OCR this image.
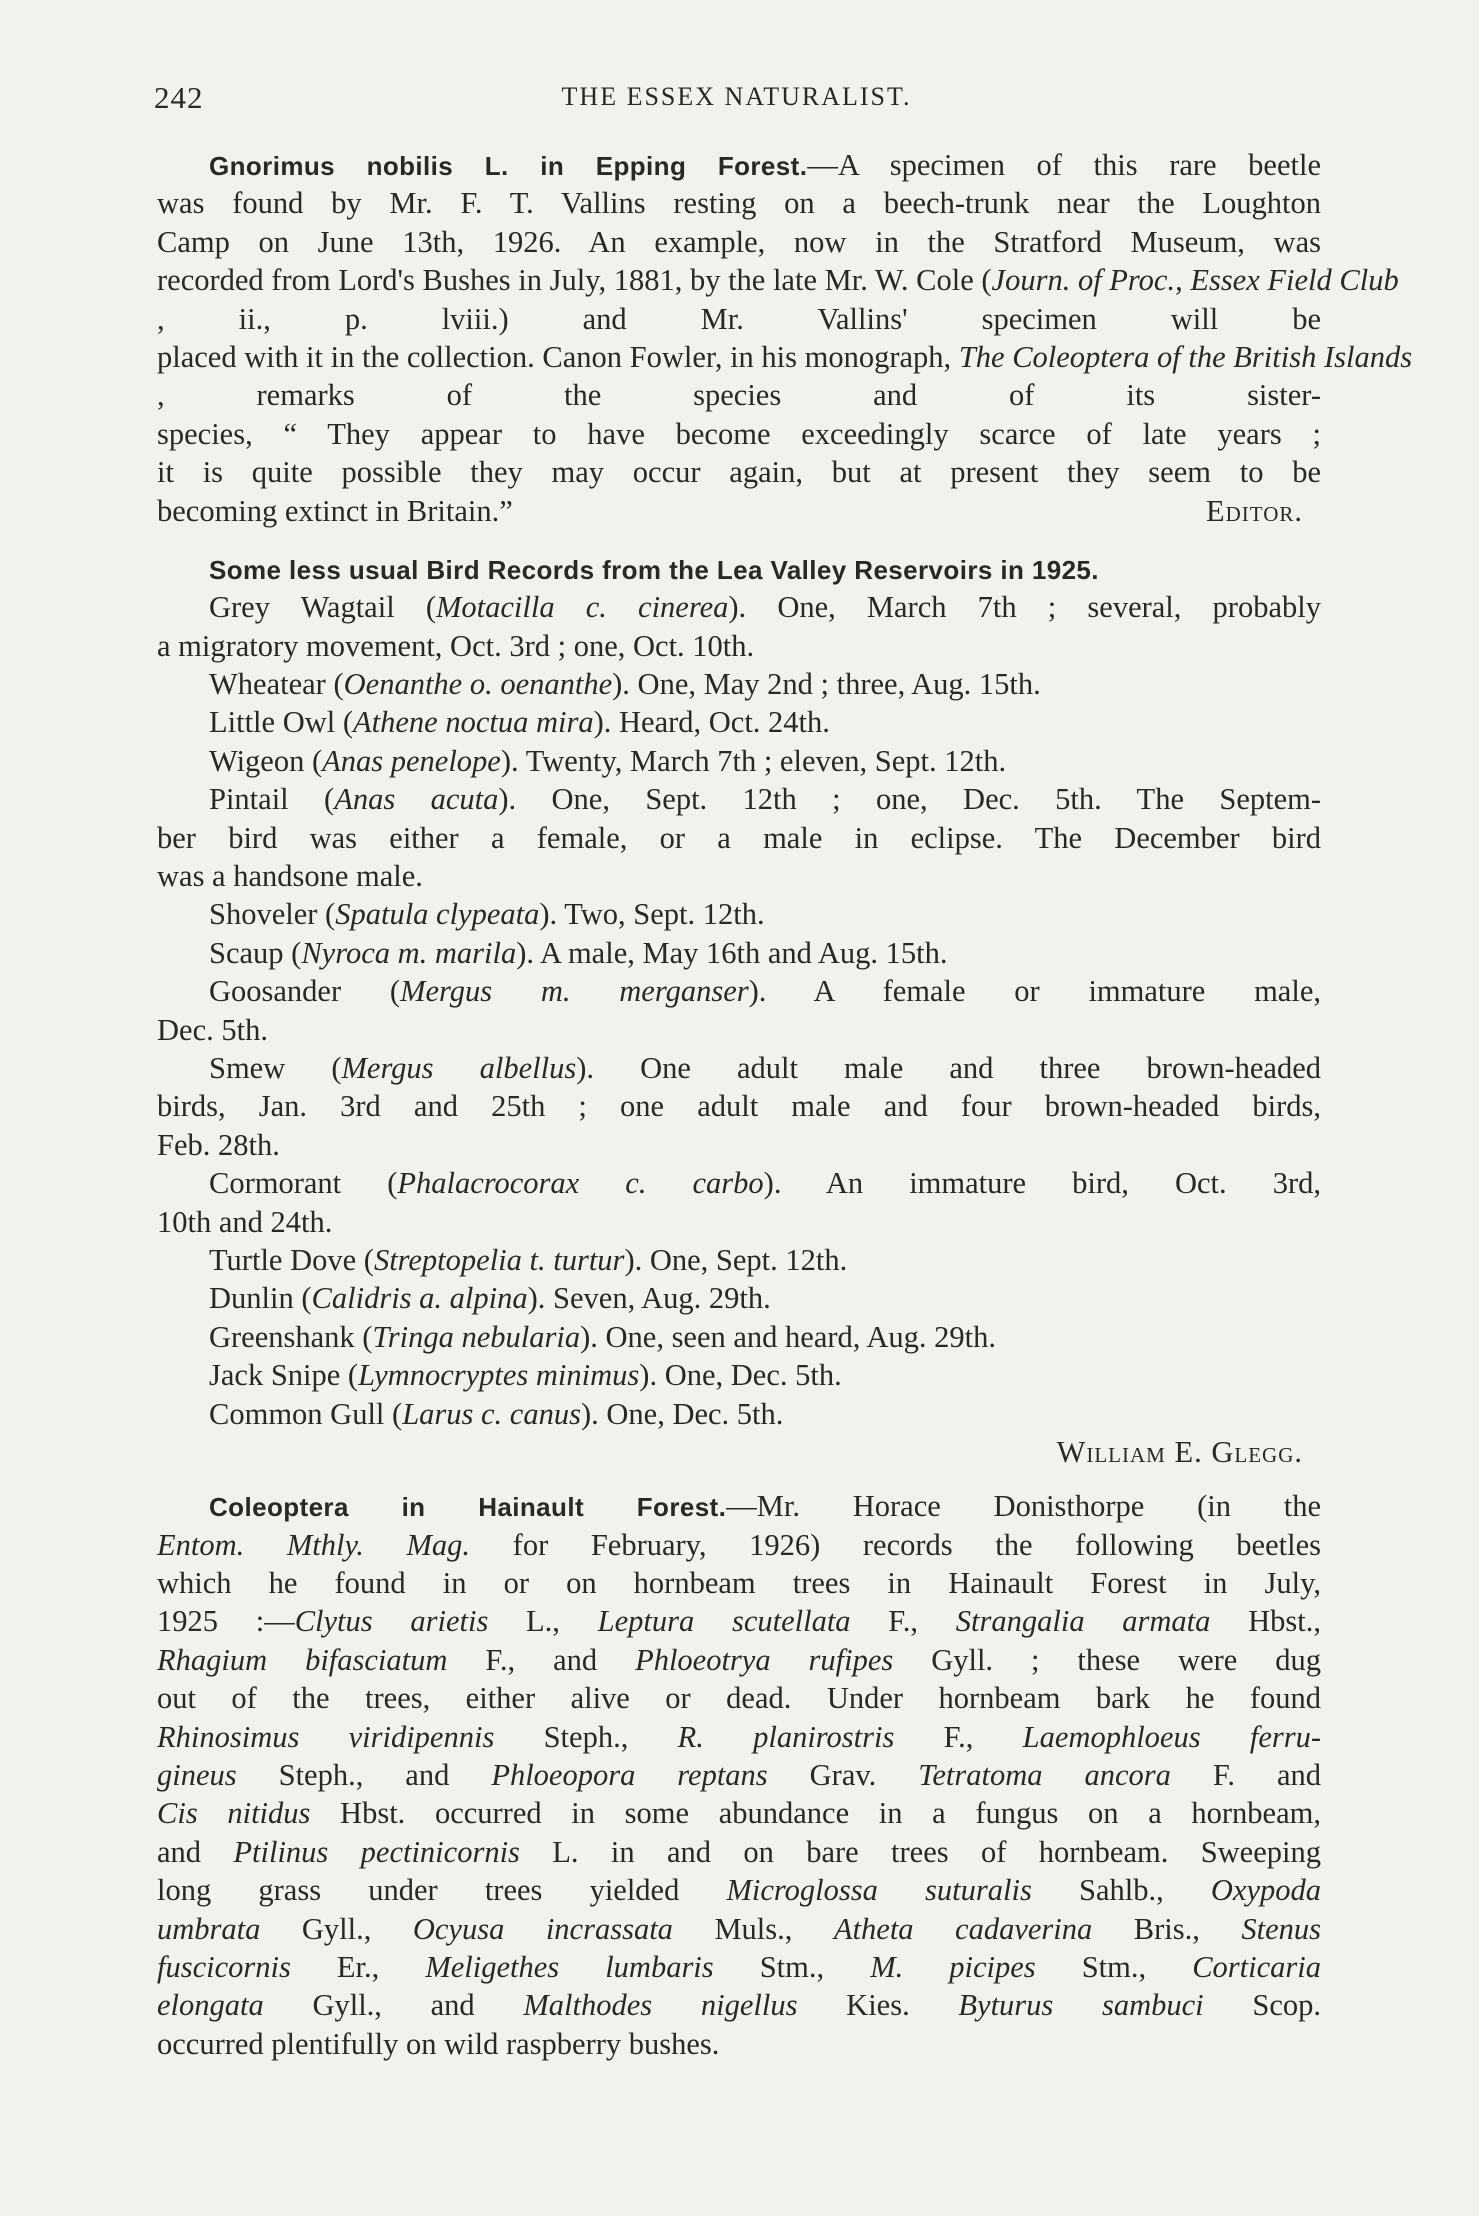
242	THE ESSEX NATURALIST.
Gnorimus nobilis L. in Epping Forest.—A specimen of this rare beetle
was found by Mr. F. T. Vallins resting on a beech-trunk near the Loughton
Camp on June 13th, 1926. An example, now in the Stratford Museum, was
recorded from Lord's Bushes in July, 1881, by the late Mr. W. Cole (Journ. of Proc., Essex Field Club
, ii., p. lviii.) and Mr. Vallins' specimen will be
placed with it in the collection. Canon Fowler, in his monograph, The Coleoptera of the British Islands
, remarks of the species and of its sister-
species, “ They appear to have become exceedingly scarce of late years ;
it is quite possible they may occur again, but at present they seem to be
becoming extinct in Britain.”	Editor.
Some less usual Bird Records from the Lea Valley Reservoirs in 1925.
Grey Wagtail (Motacilla c. cinerea). One, March 7th ; several, probably
a migratory movement, Oct. 3rd ; one, Oct. 10th.
Wheatear (Oenanthe o. oenanthe). One, May 2nd ; three, Aug. 15th.
Little Owl (Athene noctua mira). Heard, Oct. 24th.
Wigeon (Anas penelope). Twenty, March 7th ; eleven, Sept. 12th.
Pintail (Anas acuta). One, Sept. 12th ; one, Dec. 5th. The Septem-
ber bird was either a female, or a male in eclipse. The December bird
was a handsone male.
Shoveler (Spatula clypeata). Two, Sept. 12th.
Scaup (Nyroca m. marila). A male, May 16th and Aug. 15th.
Goosander (Mergus m. merganser). A female or immature male,
Dec. 5th.
Smew (Mergus albellus). One adult male and three brown-headed
birds, Jan. 3rd and 25th ; one adult male and four brown-headed birds,
Feb. 28th.
Cormorant (Phalacrocorax c. carbo). An immature bird, Oct. 3rd,
10th and 24th.
Turtle Dove (Streptopelia t. turtur). One, Sept. 12th.
Dunlin (Calidris a. alpina). Seven, Aug. 29th.
Greenshank (Tringa nebularia). One, seen and heard, Aug. 29th.
Jack Snipe (Lymnocryptes minimus). One, Dec. 5th.
Common Gull (Larus c. canus). One, Dec. 5th.
William E. Glegg.
Coleoptera in Hainault Forest.—Mr. Horace Donisthorpe (in the
Entom. Mthly. Mag. for February, 1926) records the following beetles
which he found in or on hornbeam trees in Hainault Forest in July,
1925 :—Clytus arietis L., Leptura scutellata F., Strangalia armata Hbst.,
Rhagium bifasciatum F., and Phloeotrya rufipes Gyll. ; these were dug
out of the trees, either alive or dead. Under hornbeam bark he found
Rhinosimus viridipennis Steph., R. planirostris F., Laemophloeus ferru-
gineus Steph., and Phloeopora reptans Grav. Tetratoma ancora F. and
Cis nitidus Hbst. occurred in some abundance in a fungus on a hornbeam,
and Ptilinus pectinicornis L. in and on bare trees of hornbeam. Sweeping
long grass under trees yielded Microglossa suturalis Sahlb., Oxypoda
umbrata Gyll., Ocyusa incrassata Muls., Atheta cadaverina Bris., Stenus
fuscicornis Er., Meligethes lumbaris Stm., M. picipes Stm., Corticaria
elongata Gyll., and Malthodes nigellus Kies. Byturus sambuci Scop.
occurred plentifully on wild raspberry bushes.
